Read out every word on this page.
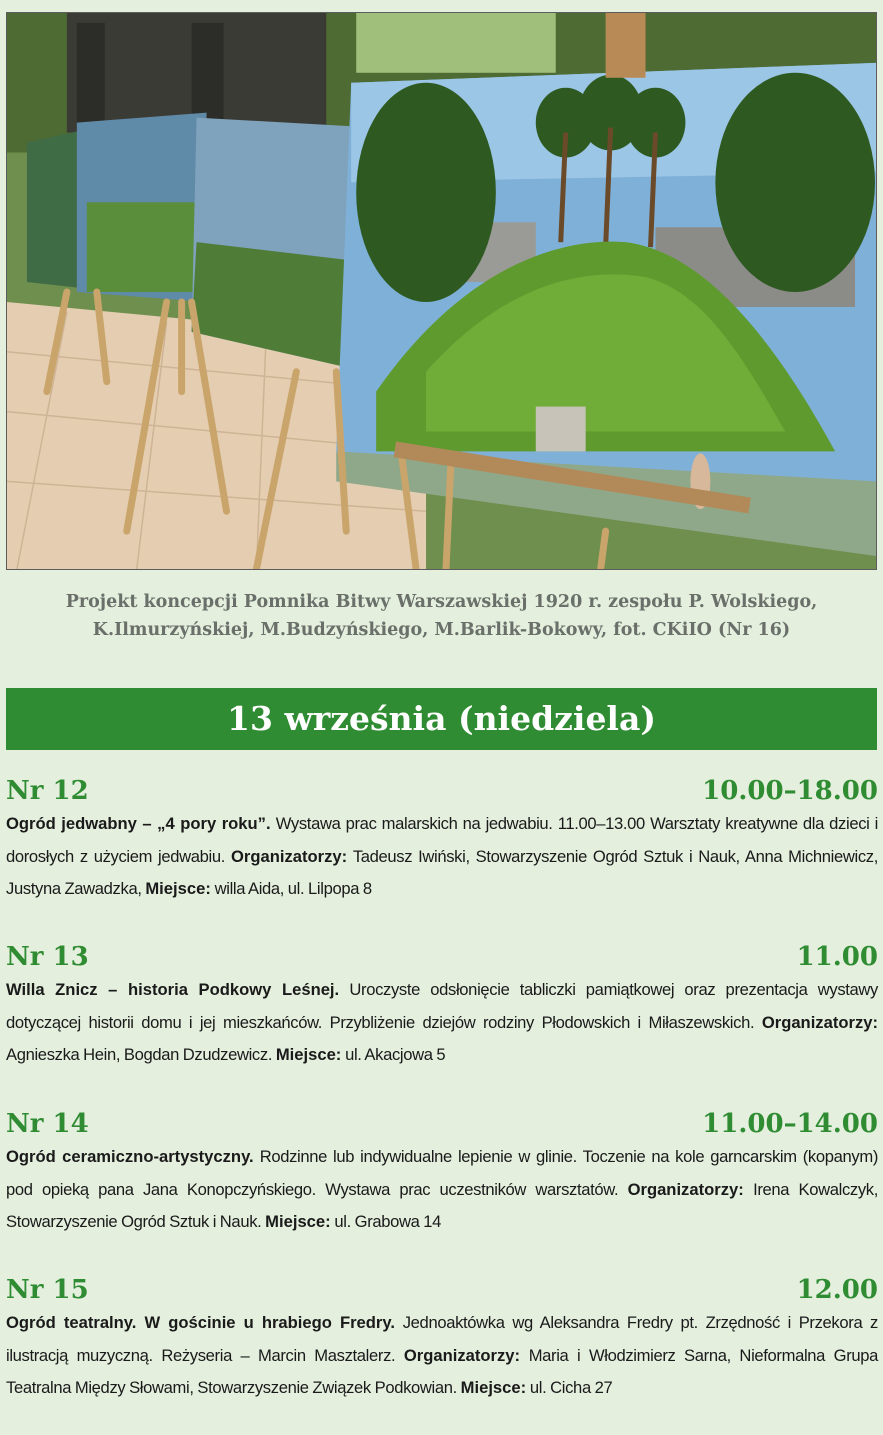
Projekt koncepcji Pomnika Bitwy Warszawskiej 1920 r. zespołu P. Wolskiego,
K.Ilmurzyńskiej, M.Budzyńskiego, M.Barlik-Bokowy, fot. CKiIO (Nr 16)
13 września (niedziela)
Nr 12	10.00–18.00
Ogród jedwabny – „4 pory roku”. Wystawa prac malarskich na jedwabiu. 11.00–13.00 Warsztaty kreatywne dla dzieci i dorosłych z użyciem jedwabiu. Organizatorzy: Tadeusz Iwiński, Stowarzyszenie Ogród Sztuk i Nauk, Anna Michniewicz, Justyna Zawadzka, Miejsce: willa Aida, ul. Lilpopa 8
Nr 13	11.00
Willa Znicz – historia Podkowy Leśnej. Uroczyste odsłonięcie tabliczki pamiątkowej oraz prezentacja wystawy dotyczącej historii domu i jej mieszkańców. Przybliżenie dziejów rodziny Płodowskich i Miłaszewskich. Organizatorzy: Agnieszka Hein, Bogdan Dzudzewicz. Miejsce: ul. Akacjowa 5
Nr 14	11.00–14.00
Ogród ceramiczno-artystyczny. Rodzinne lub indywidualne lepienie w glinie. Toczenie na kole garncarskim (kopanym) pod opieką pana Jana Konopczyńskiego. Wystawa prac uczestników warsztatów. Organizatorzy: Irena Kowalczyk, Stowarzyszenie Ogród Sztuk i Nauk. Miejsce: ul. Grabowa 14
Nr 15	12.00
Ogród teatralny. W gościnie u hrabiego Fredry. Jednoaktówka wg Aleksandra Fredry pt. Zrzędność i Przekora z ilustracją muzyczną. Reżyseria – Marcin Masztalerz. Organizatorzy: Maria i Włodzimierz Sarna, Nieformalna Grupa Teatralna Między Słowami, Stowarzyszenie Związek Podkowian. Miejsce: ul. Cicha 27
